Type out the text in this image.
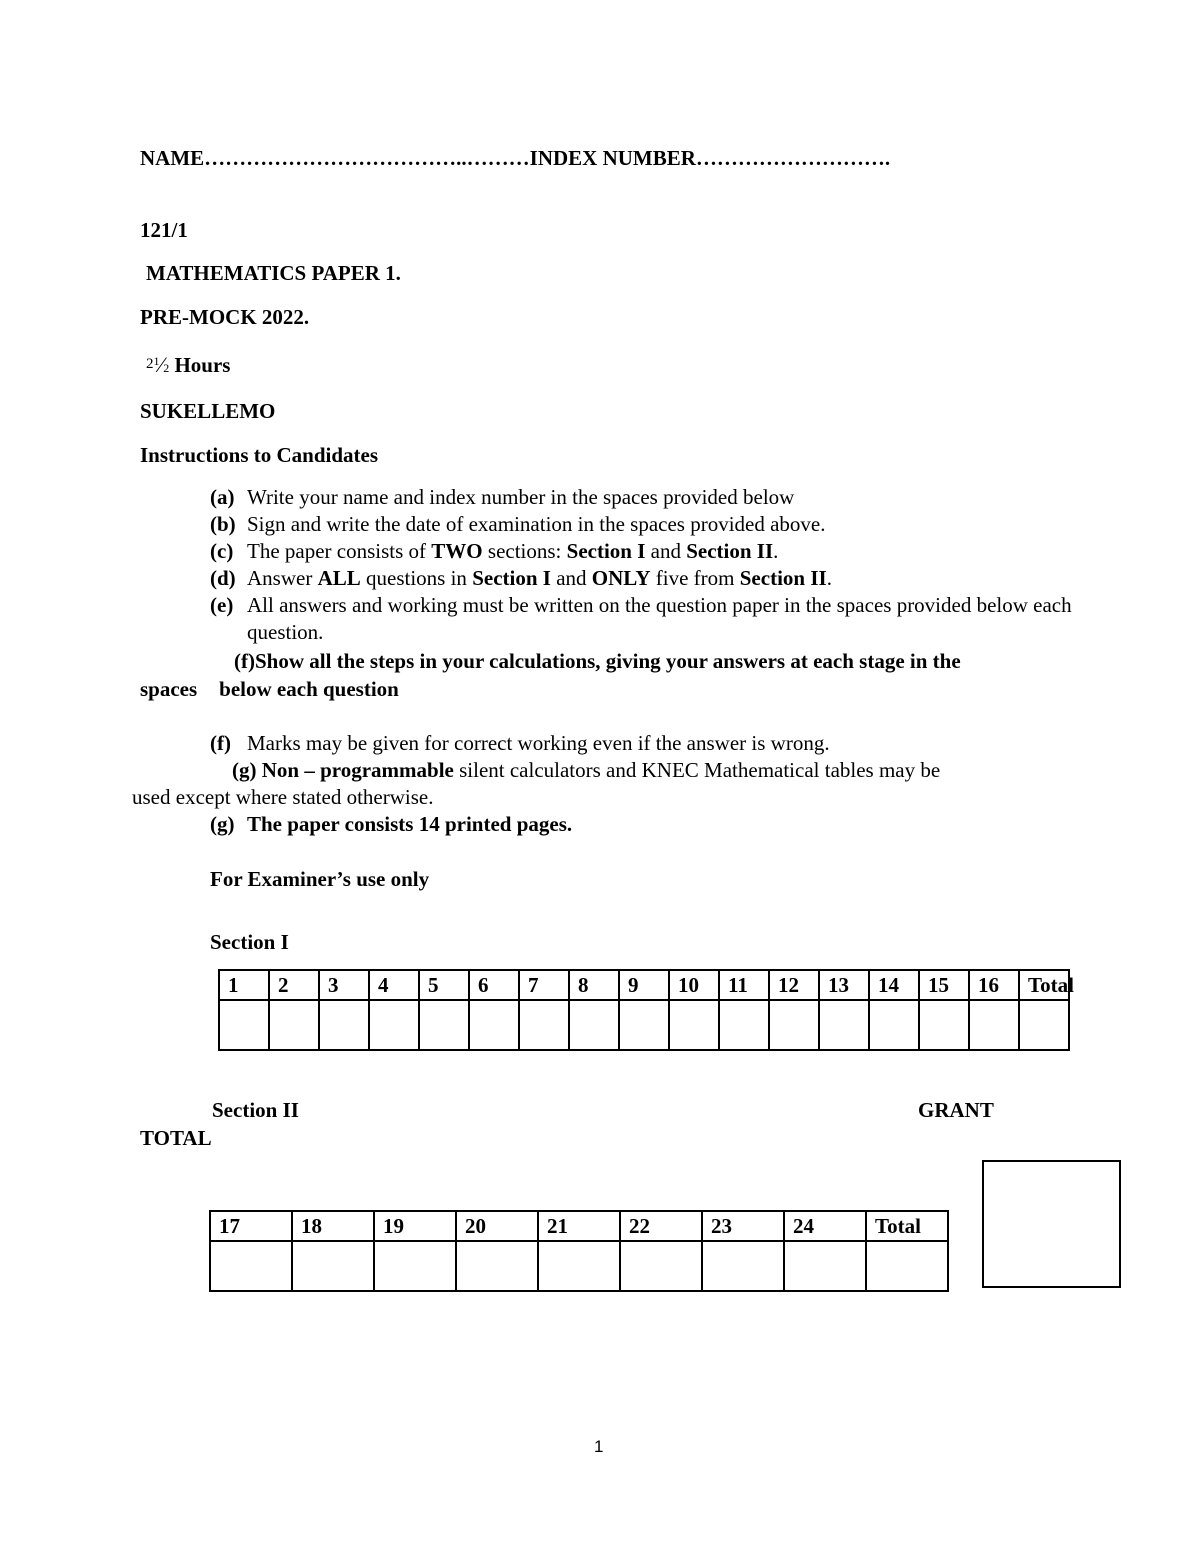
NAME………………………………..………INDEX NUMBER……………………….
121/1
MATHEMATICS PAPER 1.
PRE-MOCK 2022.
$2^1⁄2$ Hours
SUKELLEMO
Instructions to Candidates
(a) Write your name and index number in the spaces provided below
(b) Sign and write the date of examination in the spaces provided above.
(c) The paper consists of TWO sections: Section I and Section II.
(d) Answer ALL questions in Section I and ONLY five from Section II.
(e) All answers and working must be written on the question paper in the spaces provided below each question.
(f)Show all the steps in your calculations, giving your answers at each stage in the
spaces below each question
(f) Marks may be given for correct working even if the answer is wrong.
(g) Non – programmable silent calculators and KNEC Mathematical tables may be
used except where stated otherwise.
(g) The paper consists 14 printed pages.
For Examiner’s use only
Section I
1	2	3	4	5	6	7	8	9	10	11	12	13	14	15	16	Total

Section II	GRANT
TOTAL
17	18	19	20	21	22	23	24	Total

1
